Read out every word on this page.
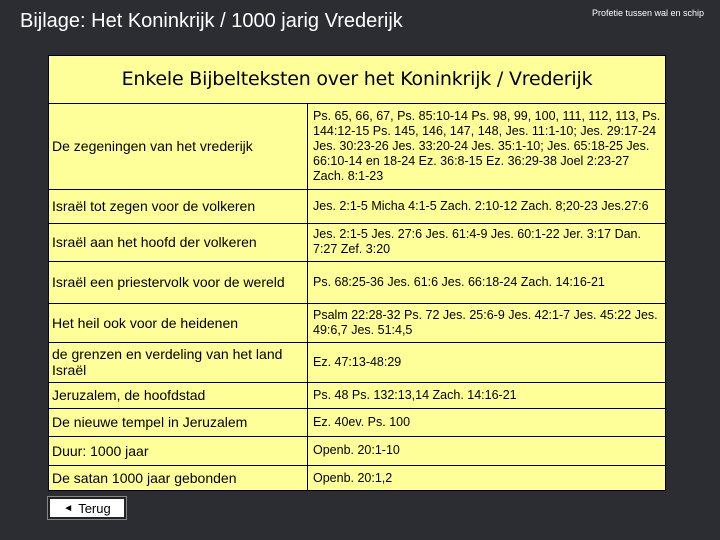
Bijlage: Het Koninkrijk / 1000 jarig Vrederijk	Profetie tussen wal en schip
Enkele Bijbelteksten over het Koninkrijk / Vrederijk
De zegeningen van het vrederijk	Ps. 65, 66, 67, Ps. 85:10-14 Ps. 98, 99, 100, 111, 112, 113, Ps. 144:12-15 Ps. 145, 146, 147, 148, Jes. 11:1-10; Jes. 29:17-24 Jes. 30:23-26 Jes. 33:20-24 Jes. 35:1-10; Jes. 65:18-25 Jes. 66:10-14 en 18-24 Ez. 36:8-15 Ez. 36:29-38 Joel 2:23-27 Zach. 8:1-23
Israël tot zegen voor de volkeren	Jes. 2:1-5 Micha 4:1-5 Zach. 2:10-12 Zach. 8;20-23 Jes.27:6
Israël aan het hoofd der volkeren	Jes. 2:1-5 Jes. 27:6 Jes. 61:4-9 Jes. 60:1-22 Jer. 3:17 Dan. 7:27 Zef. 3:20
Israël een priestervolk voor de wereld	Ps. 68:25-36 Jes. 61:6 Jes. 66:18-24 Zach. 14:16-21
Het heil ook voor de heidenen	Psalm 22:28-32 Ps. 72 Jes. 25:6-9 Jes. 42:1-7 Jes. 45:22 Jes. 49:6,7 Jes. 51:4,5
de grenzen en verdeling van het land Israël	Ez. 47:13-48:29
Jeruzalem, de hoofdstad	Ps. 48 Ps. 132:13,14 Zach. 14:16-21
De nieuwe tempel in Jeruzalem	Ez. 40ev. Ps. 100
Duur: 1000 jaar	Openb. 20:1-10
De satan 1000 jaar gebonden	Openb. 20:1,2
◄ Terug
